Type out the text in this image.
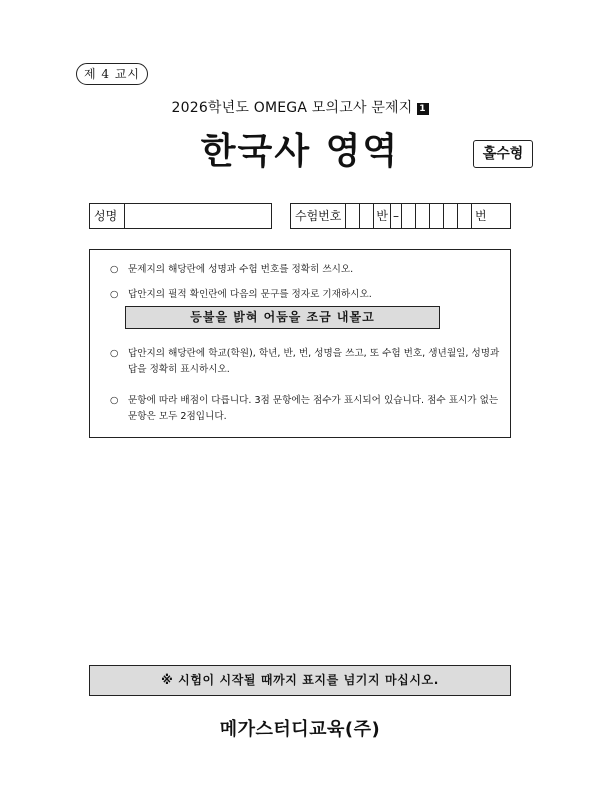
제 4 교시
2026학년도 OMEGA 모의고사 문제지 1
한국사 영역	홀수형
성명	수험번호	반 –	번
○ 문제지의 해당란에 성명과 수험 번호를 정확히 쓰시오.
○ 답안지의 필적 확인란에 다음의 문구를 정자로 기재하시오.
등불을 밝혀 어둠을 조금 내몰고
○ 답안지의 해당란에 학교(학원), 학년, 반, 번, 성명을 쓰고, 또 수험 번호, 생년월일, 성명과 답을 정확히 표시하시오.
○ 문항에 따라 배점이 다릅니다. 3점 문항에는 점수가 표시되어 있습니다. 점수 표시가 없는 문항은 모두 2점입니다.
※ 시험이 시작될 때까지 표지를 넘기지 마십시오.
메가스터디교육(주)
